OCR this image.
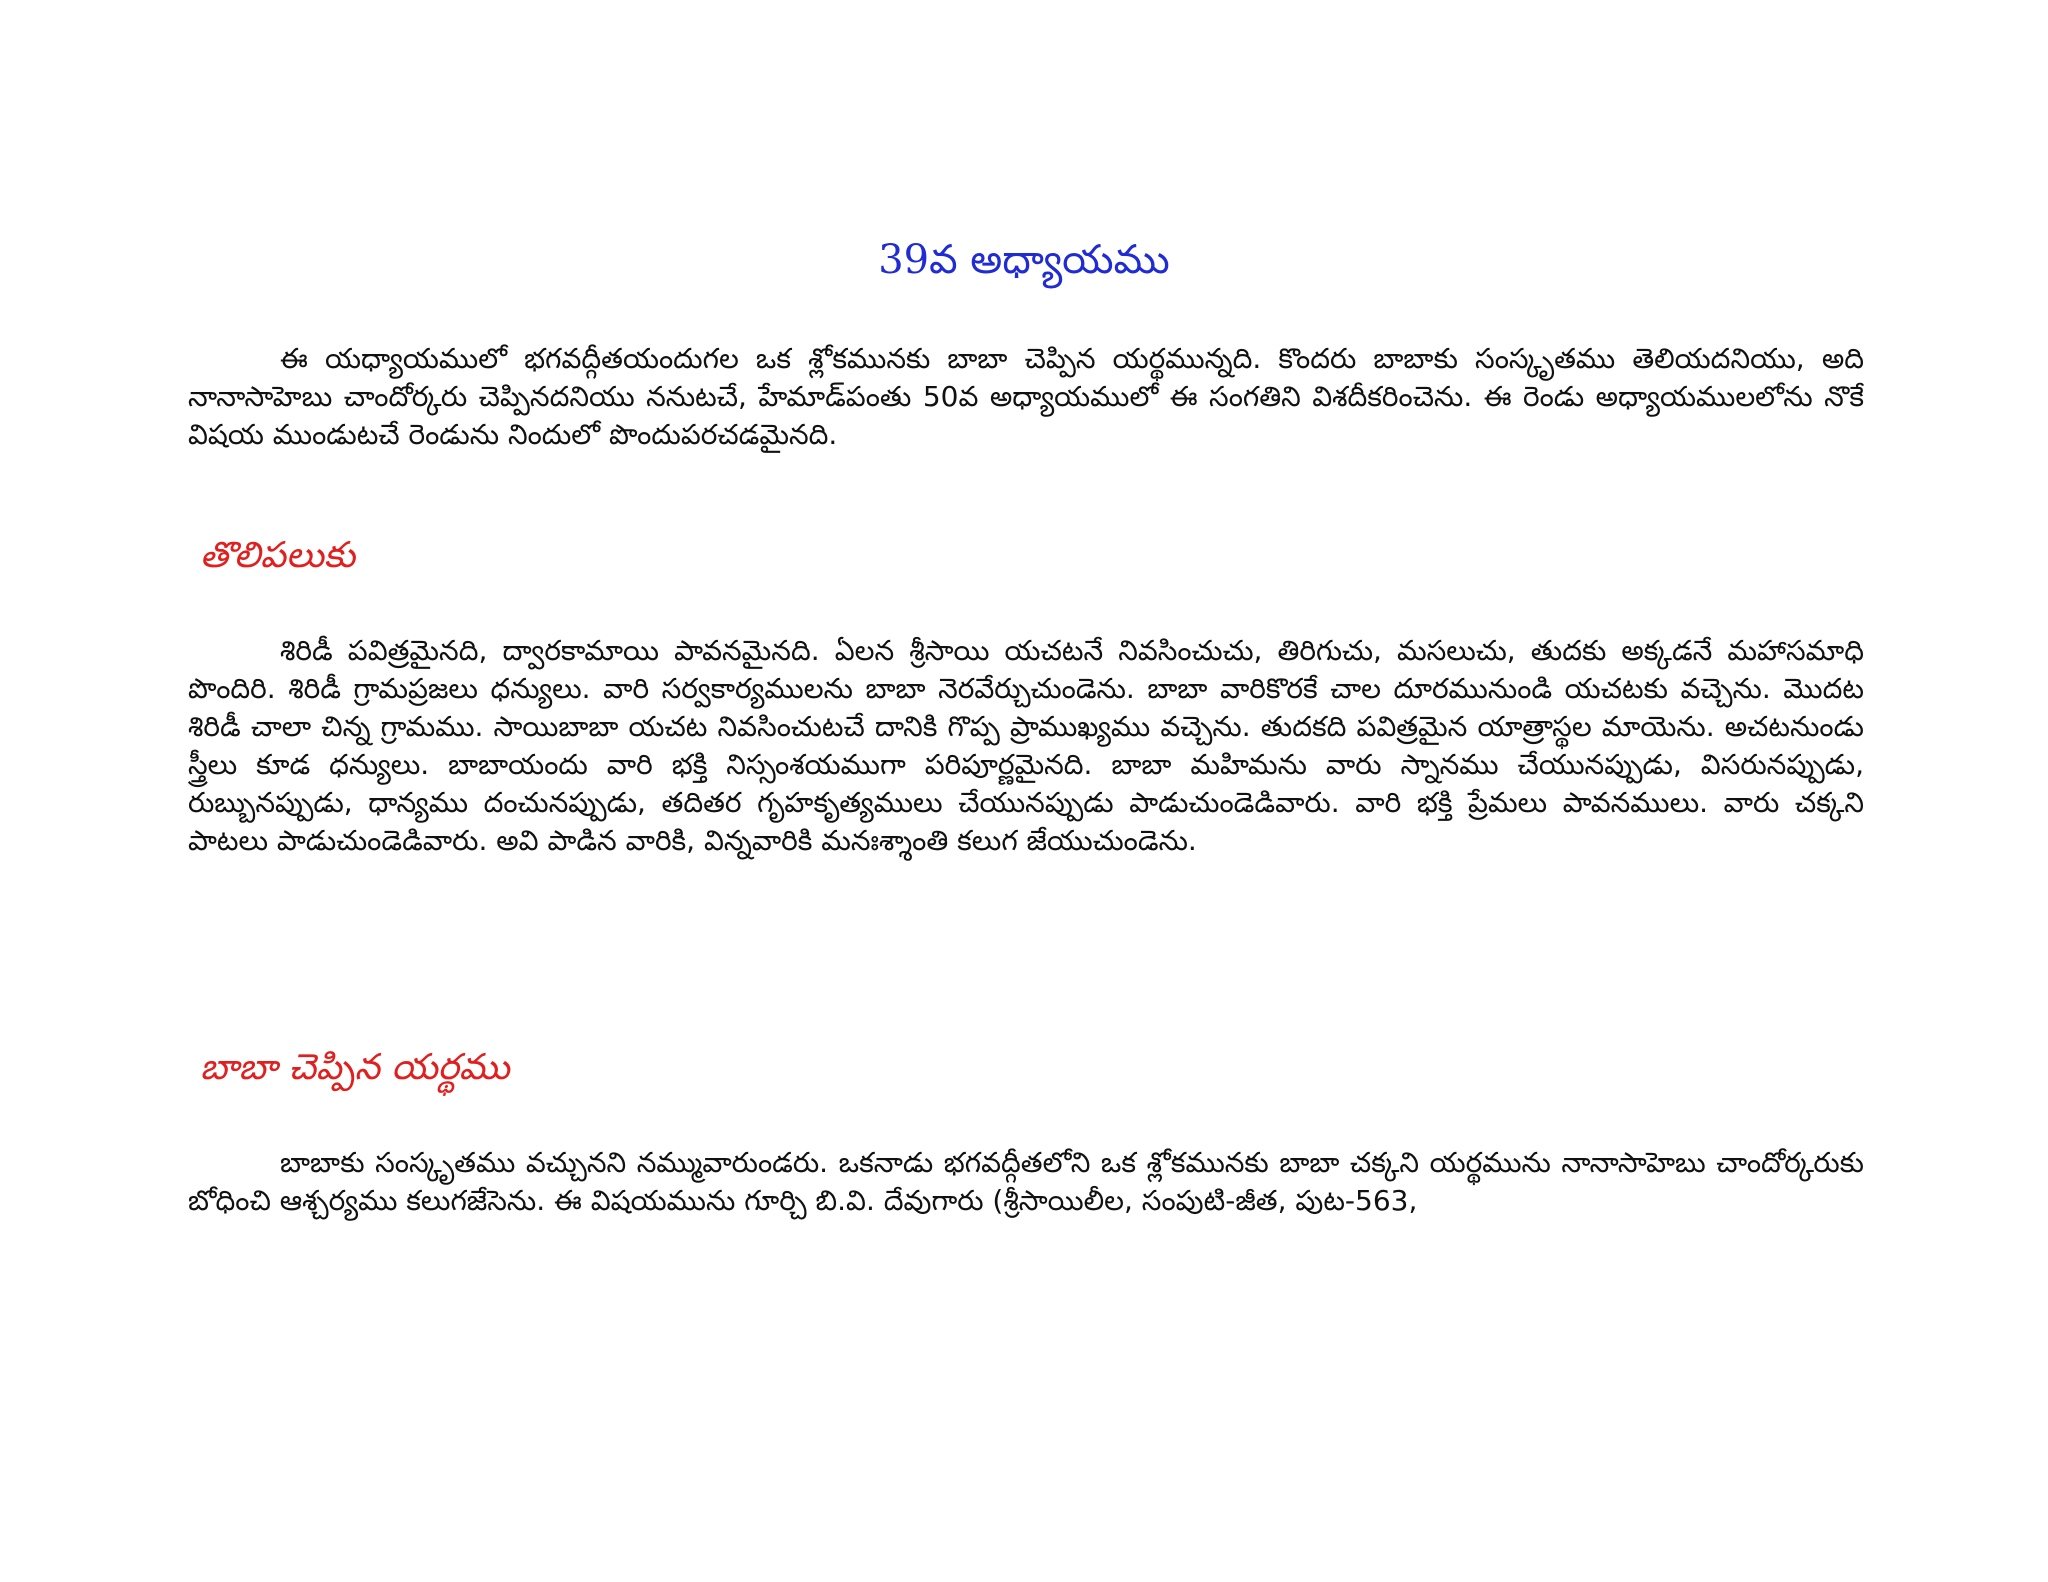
39వ అధ్యాయము

ఈ యధ్యాయములో భగవద్గీతయందుగల ఒక శ్లోకమునకు బాబా చెప్పిన యర్థమున్నది. కొందరు బాబాకు సంస్కృతము తెలియదనియు, అది నానాసాహెబు చాందోర్కరు చెప్పినదనియు ననుటచే, హేమాడ్‌పంతు 50వ అధ్యాయములో ఈ సంగతిని విశదీకరించెను. ఈ రెండు అధ్యాయములలోను నొకే విషయ ముండుటచే రెండును నిందులో పొందుపరచడమైనది.

తొలిపలుకు

శిరిడీ పవిత్రమైనది, ద్వారకామాయి పావనమైనది. ఏలన శ్రీసాయి యచటనే నివసించుచు, తిరిగుచు, మసలుచు, తుదకు అక్కడనే మహాసమాధి పొందిరి. శిరిడీ గ్రామప్రజలు ధన్యులు. వారి సర్వకార్యములను బాబా నెరవేర్చుచుండెను. బాబా వారికొరకే చాల దూరమునుండి యచటకు వచ్చెను. మొదట శిరిడీ చాలా చిన్న గ్రామము. సాయిబాబా యచట నివసించుటచే దానికి గొప్ప ప్రాముఖ్యము వచ్చెను. తుదకది పవిత్రమైన యాత్రాస్థల మాయెను. అచటనుండు స్త్రీలు కూడ ధన్యులు. బాబాయందు వారి భక్తి నిస్సంశయముగా పరిపూర్ణమైనది. బాబా మహిమను వారు స్నానము చేయునప్పుడు, విసరునప్పుడు, రుబ్బునప్పుడు, ధాన్యము దంచునప్పుడు, తదితర గృహకృత్యములు చేయునప్పుడు పాడుచుండెడివారు. వారి భక్తి ప్రేమలు పావనములు. వారు చక్కని పాటలు పాడుచుండెడివారు. అవి పాడిన వారికి, విన్నవారికి మనఃశ్శాంతి కలుగ జేయుచుండెను.

బాబా చెప్పిన యర్థము

బాబాకు సంస్కృతము వచ్చునని నమ్మువారుండరు. ఒకనాడు భగవద్గీతలోని ఒక శ్లోకమునకు బాబా చక్కని యర్థమును నానాసాహెబు చాందోర్కరుకు బోధించి ఆశ్చర్యము కలుగజేసెను. ఈ విషయమును గూర్చి బి.వి. దేవుగారు (శ్రీసాయిలీల, సంపుటి-జీత, పుట-563,
